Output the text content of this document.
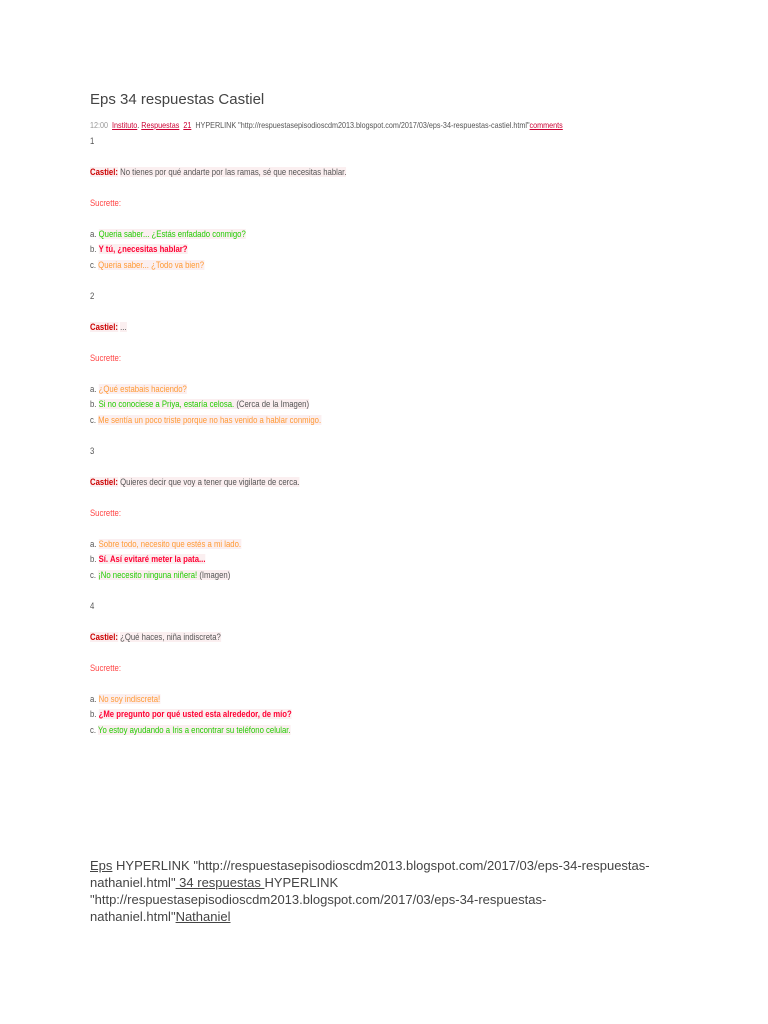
Eps 34 respuestas Castiel
12:00 Instituto. Respuestas 21 HYPERLINK "http://respuestasepisodioscdm2013.blogspot.com/2017/03/eps-34-respuestas-castiel.html"comments
1
Castiel: No tienes por qué andarte por las ramas, sé que necesitas hablar.
Sucrette:
a. Queria saber... ¿Estás enfadado conmigo?
b. Y tú, ¿necesitas hablar?
c. Queria saber... ¿Todo va bien?
2
Castiel: ...
Sucrette:
a. ¿Qué estabais haciendo?
b. Si no conociese a Priya, estaría celosa. (Cerca de la Imagen)
c. Me sentía un poco triste porque no has venido a hablar conmigo.
3
Castiel: Quieres decir que voy a tener que vigilarte de cerca.
Sucrette:
a. Sobre todo, necesito que estés a mi lado.
b. Sí. Así evitaré meter la pata...
c. ¡No necesito ninguna niñera! (Imagen)
4
Castiel: ¿Qué haces, niña indiscreta?
Sucrette:
a. No soy indiscreta!
b. ¿Me pregunto por qué usted esta alrededor, de mío?
c. Yo estoy ayudando a Iris a encontrar su teléfono celular.
Eps HYPERLINK "http://respuestasepisodioscdm2013.blogspot.com/2017/03/eps-34-respuestas-nathaniel.html" 34 respuestas HYPERLINK "http://respuestasepisodioscdm2013.blogspot.com/2017/03/eps-34-respuestas-nathaniel.html"Nathaniel
